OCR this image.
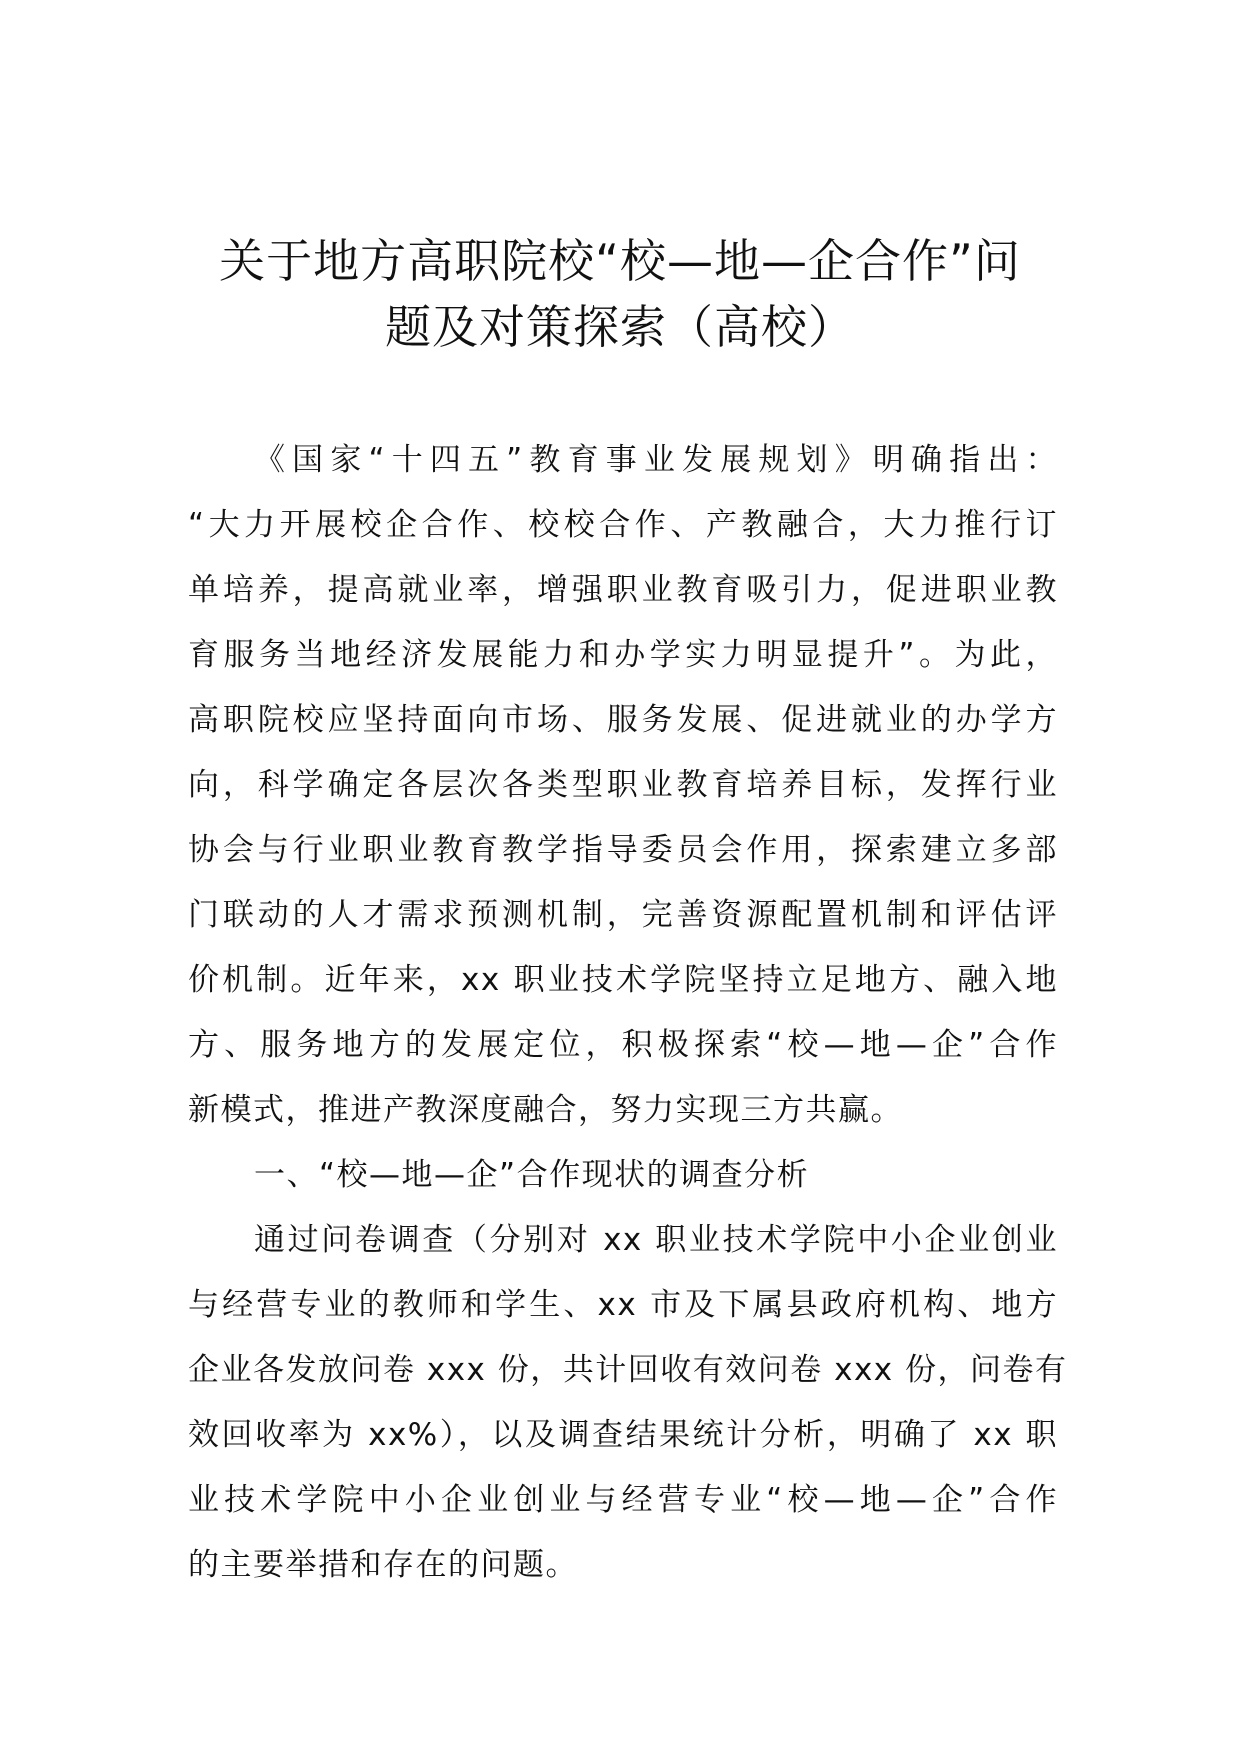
关于地方高职院校“校—地—企合作”问
题及对策探索（高校）
《国家“十四五”教育事业发展规划》明确指出：
“大力开展校企合作、校校合作、产教融合，大力推行订
单培养，提高就业率，增强职业教育吸引力，促进职业教
育服务当地经济发展能力和办学实力明显提升”。为此，
高职院校应坚持面向市场、服务发展、促进就业的办学方
向，科学确定各层次各类型职业教育培养目标，发挥行业
协会与行业职业教育教学指导委员会作用，探索建立多部
门联动的人才需求预测机制，完善资源配置机制和评估评
价机制。近年来，xx 职业技术学院坚持立足地方、融入地
方、服务地方的发展定位，积极探索“校—地—企”合作
新模式，推进产教深度融合，努力实现三方共赢。
一、“校—地—企”合作现状的调查分析
通过问卷调查（分别对 xx 职业技术学院中小企业创业
与经营专业的教师和学生、xx 市及下属县政府机构、地方
企业各发放问卷 xxx 份，共计回收有效问卷 xxx 份，问卷有
效回收率为 xx%），以及调查结果统计分析，明确了 xx 职
业技术学院中小企业创业与经营专业“校—地—企”合作
的主要举措和存在的问题。
